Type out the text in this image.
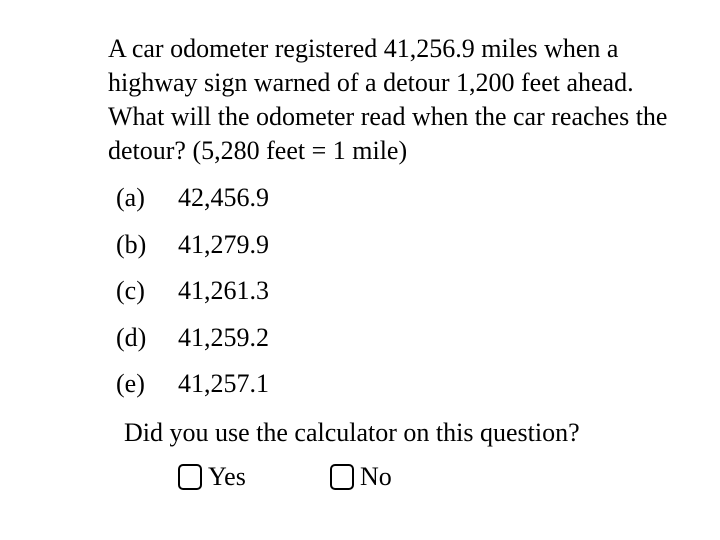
A car odometer registered 41,256.9 miles when a
highway sign warned of a detour 1,200 feet ahead.
What will the odometer read when the car reaches the
detour? (5,280 feet = 1 mile)
(a) 42,456.9
(b) 41,279.9
(c) 41,261.3
(d) 41,259.2
(e) 41,257.1
Did you use the calculator on this question?
Yes	No
